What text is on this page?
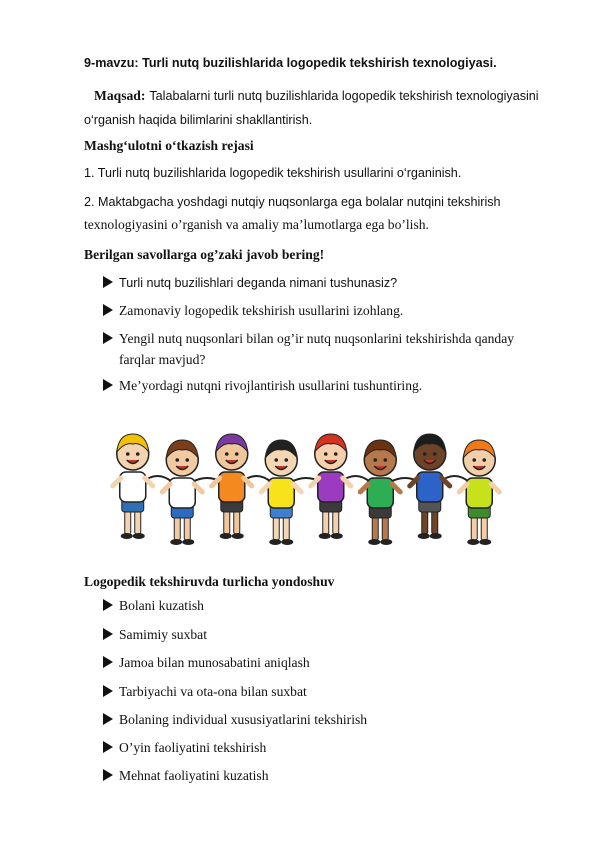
9-mavzu: Turli nutq buzilishlarida logopedik tekshirish texnologiyasi.
Maqsad: Talabalarni turli nutq buzilishlarida logopedik tekshirish texnologiyasini
o‘rganish haqida bilimlarini shakllantirish.
Mashg‘ulotni o‘tkazish rejasi
1. Turli nutq buzilishlarida logopedik tekshirish usullarini o‘rganinish.
2. Maktabgacha yoshdagi nutqiy nuqsonlarga ega bolalar nutqini tekshirish
texnologiyasini o’rganish va amaliy ma’lumotlarga ega bo’lish.
Berilgan savollarga og’zaki javob bering!
Turli nutq buzilishlari deganda nimani tushunasiz?
Zamonaviy logopedik tekshirish usullarini izohlang.
Yengil nutq nuqsonlari bilan og’ir nutq nuqsonlarini tekshirishda qanday
farqlar mavjud?
Me’yordagi nutqni rivojlantirish usullarini tushuntiring.
Logopedik tekshiruvda turlicha yondoshuv
Bolani kuzatish
Samimiy suxbat
Jamoa bilan munosabatini aniqlash
Tarbiyachi va ota-ona bilan suxbat
Bolaning individual xususiyatlarini tekshirish
O’yin faoliyatini tekshirish
Mehnat faoliyatini kuzatish
